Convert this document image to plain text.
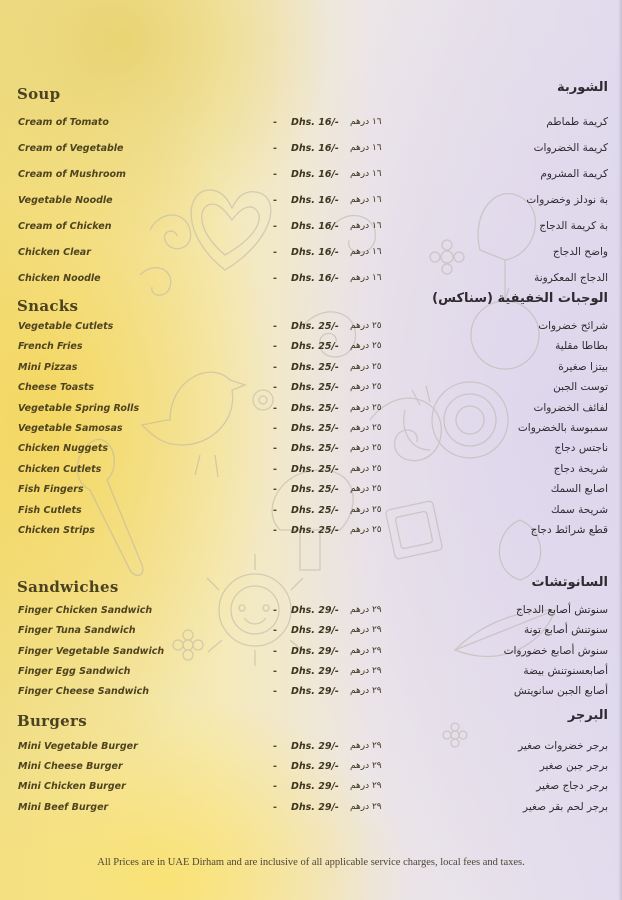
Soup	الشوربة
Cream of Tomato	- Dhs. 16/- ١٦ درهم	كريمة طماطم
Cream of Vegetable	- Dhs. 16/- ١٦ درهم	كريمة الخضروات
Cream of Mushroom	- Dhs. 16/- ١٦ درهم	كريمة المشروم
Vegetable Noodle	- Dhs. 16/- ١٦ درهم	بة نودلز وخضروات
Cream of Chicken	- Dhs. 16/- ١٦ درهم	بة كريمة الدجاج
Chicken Clear	- Dhs. 16/- ١٦ درهم	واضح الدجاج
Chicken Noodle	- Dhs. 16/- ١٦ درهم	الدجاج المعكرونة
Snacks	الوجبات الخفيفية (سناكس)
Vegetable Cutlets	- Dhs. 25/- ٢٥ درهم	شرائح خضروات
French Fries	- Dhs. 25/- ٢٥ درهم	بطاطا مقلية
Mini Pizzas	- Dhs. 25/- ٢٥ درهم	بيتزا صغيرة
Cheese Toasts	- Dhs. 25/- ٢٥ درهم	توست الجبن
Vegetable Spring Rolls	- Dhs. 25/- ٢٥ درهم	لفائف الخضروات
Vegetable Samosas	- Dhs. 25/- ٢٥ درهم	سمبوسة بالخضروات
Chicken Nuggets	- Dhs. 25/- ٢٥ درهم	ناجتس دجاج
Chicken Cutlets	- Dhs. 25/- ٢٥ درهم	شريحة دجاج
Fish Fingers	- Dhs. 25/- ٢٥ درهم	اصابع السمك
Fish Cutlets	- Dhs. 25/- ٢٥ درهم	شريحة سمك
Chicken Strips	- Dhs. 25/- ٢٥ درهم	قطع شرائط دجاج
Sandwiches	السانوتشات
Finger Chicken Sandwich	- Dhs. 29/- ٢٩ درهم	سنوتش أصابع الدجاج
Finger Tuna Sandwich	- Dhs. 29/- ٢٩ درهم	سنوتنش أصابع تونة
Finger Vegetable Sandwich	- Dhs. 29/- ٢٩ درهم	سنوش أصابع خضوروات
Finger Egg Sandwich	- Dhs. 29/- ٢٩ درهم	أصابعسنوتنش بيضة
Finger Cheese Sandwich	- Dhs. 29/- ٢٩ درهم	أصابع الجبن سانويتش
Burgers	البرجر
Mini Vegetable Burger	- Dhs. 29/- ٢٩ درهم	برجر خضروات صغير
Mini Cheese Burger	- Dhs. 29/- ٢٩ درهم	برجر جبن صغير
Mini Chicken Burger	- Dhs. 29/- ٢٩ درهم	برجر دجاج صغير
Mini Beef Burger	- Dhs. 29/- ٢٩ درهم	برجر لحم بقر صغير
All Prices are in UAE Dirham and are inclusive of all applicable service charges, local fees and taxes.
